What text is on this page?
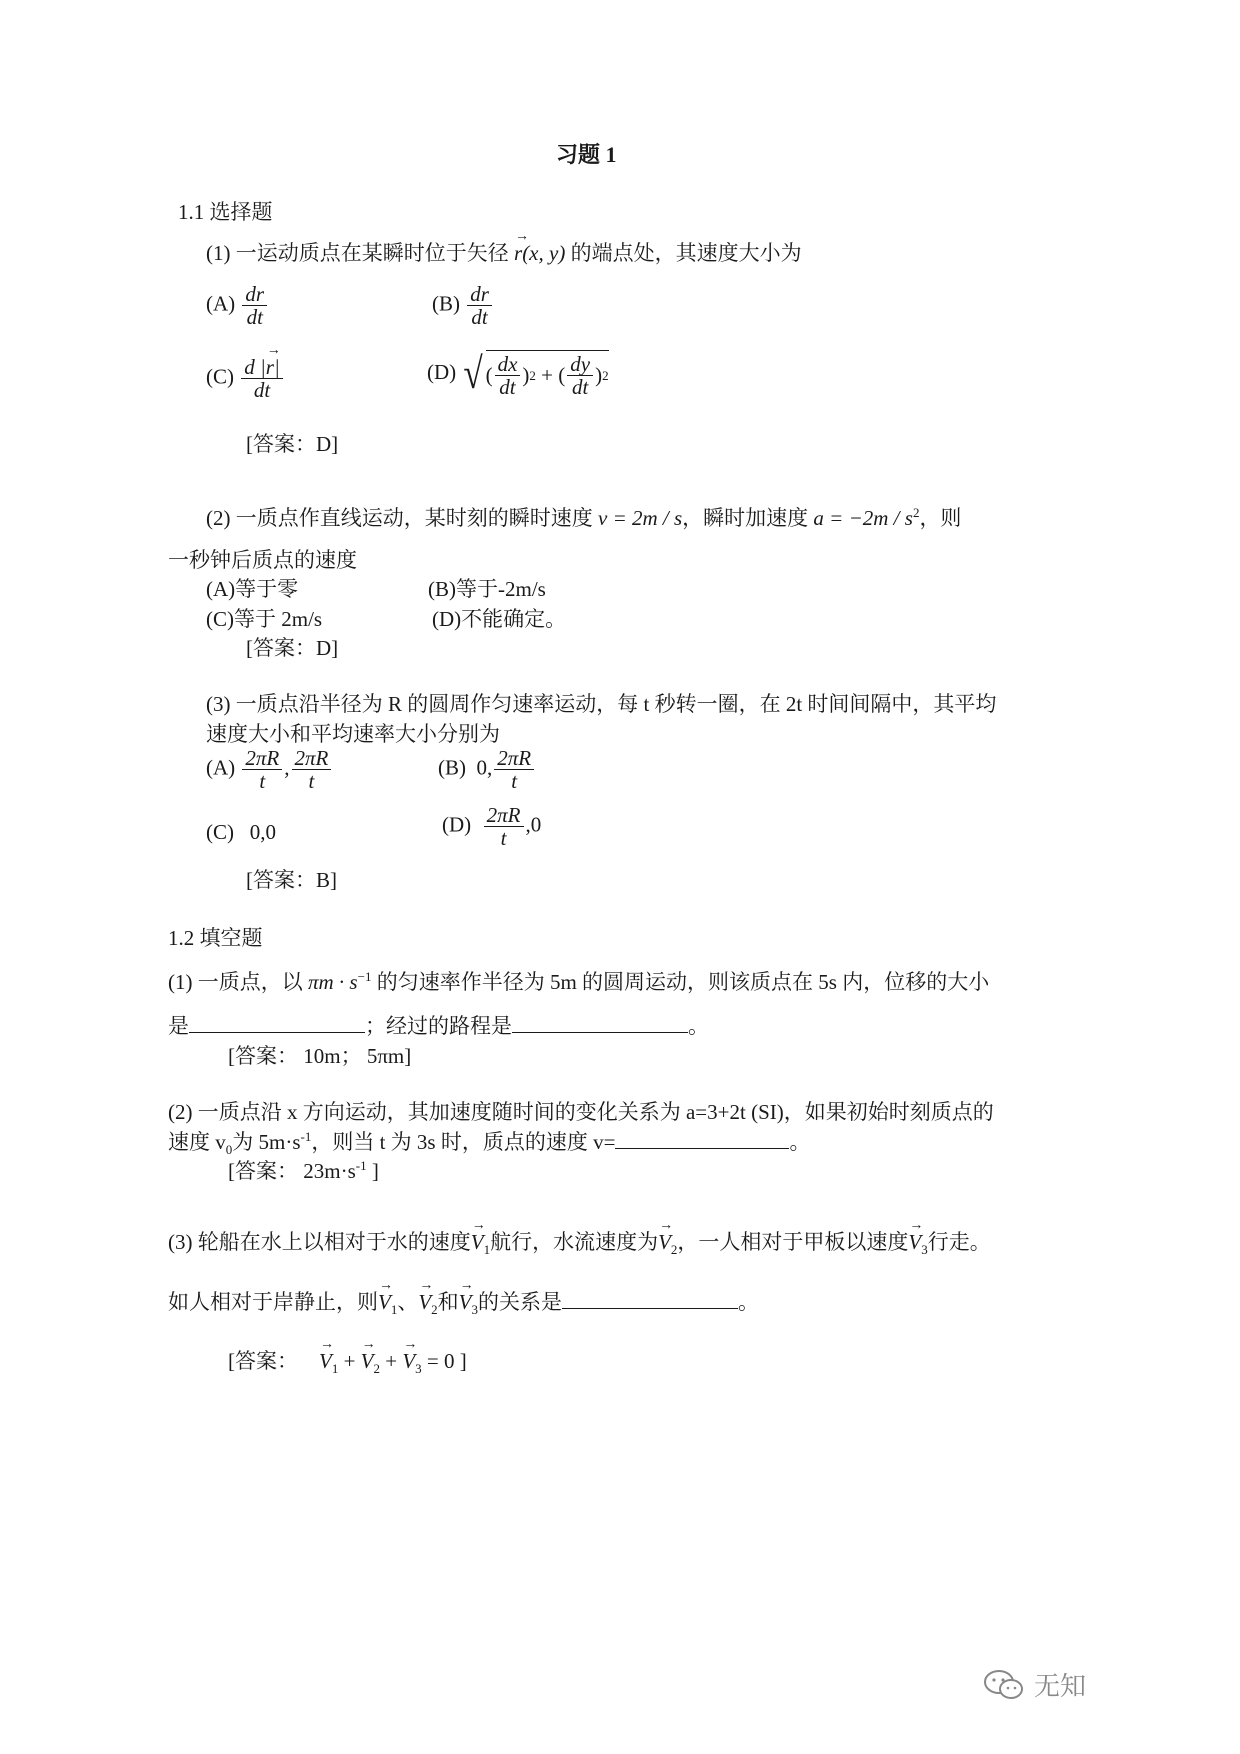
习题 1
1.1 选择题
(1) 一运动质点在某瞬时位于矢径 → r(x, y) 的端点处，其速度大小为
$(A) \frac{dr}{dt}$	$(B) \frac{dr}{dt}$
$(C) \frac{d |\to r|}{dt}$	(D) √ ( $\frac{dx}{dt}$ ) 2
+
( $\frac{dy}{dt}$ ) 2
[答案：D]
(2) 一质点作直线运动，某时刻的瞬时速度 v = 2m / s，瞬时加速度 $a = -2m / s^2$，则
一秒钟后质点的速度
(A)等于零	(B)等于-2m/s
(C)等于 2m/s	(D)不能确定。
[答案：D]
(3) 一质点沿半径为 R 的圆周作匀速率运动，每 t 秒转一圈，在 2t 时间间隔中，其平均
速度大小和平均速率大小分别为
$(A) \frac{2\pi R}{t}$ , $\frac{2\pi R}{t}$	(B) 0, $\frac{2\pi R}{t}$
(C) 0,0	$(D) \frac{2\pi R}{t} ,0$
[答案：B]
1.2 填空题
(1) 一质点，以 $\pi m \cdot s^{-1}$ 的匀速率作半径为 5m 的圆周运动，则该质点在 5s 内，位移的大小
是	；经过的路程是	。
[答案： 10m； 5πm]
(2) 一质点沿 x 方向运动，其加速度随时间的变化关系为 a=3+2t (SI)，如果初始时刻质点的
速度 $v_0$为 $5m\cdot s^{-1}$，则当 t 为 3s 时，质点的速度 v=	。
[答案： $23m\cdot s^{-1}$ ]
(3) 轮船在水上以相对于水的速度→ $V_1$航行，水流速度为→ $V_2$，一人相对于甲板以速度→ $V_3$行走。
如人相对于岸静止，则→ $V_1$、→ $V_2$和→ $V_3$的关系是	。
[答案： → $V_1$ + → $V_2$ + → $V_3 = 0$ ]
无知
